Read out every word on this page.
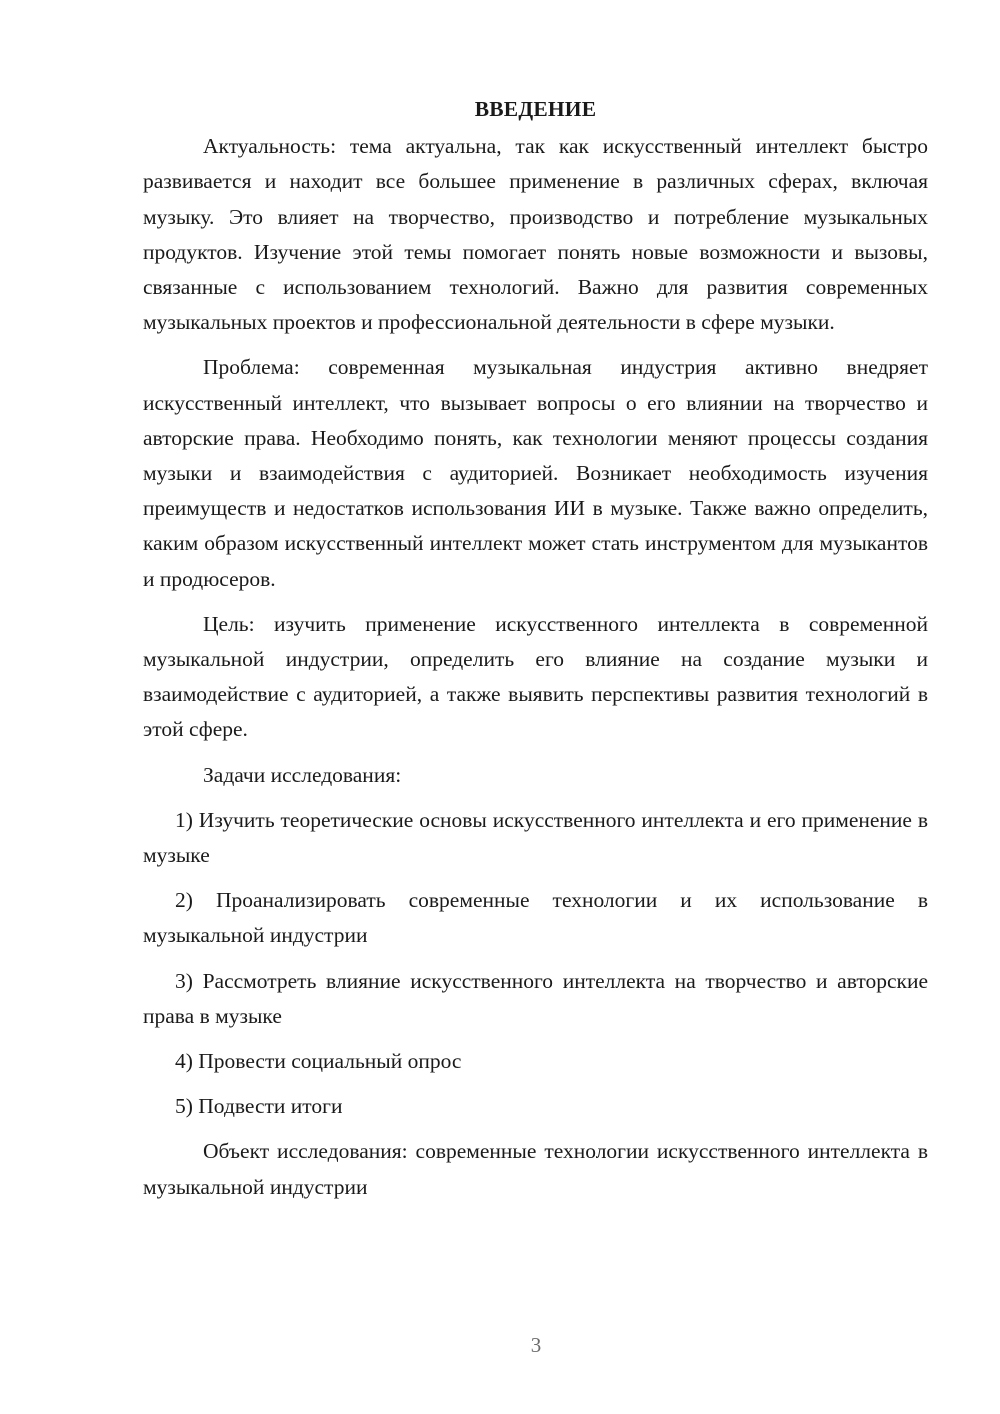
ВВЕДЕНИЕ

Актуальность: тема актуальна, так как искусственный интеллект быстро развивается и находит все большее применение в различных сферах, включая музыку. Это влияет на творчество, производство и потребление музыкальных продуктов. Изучение этой темы помогает понять новые возможности и вызовы, связанные с использованием технологий. Важно для развития современных музыкальных проектов и профессиональной деятельности в сфере музыки.

Проблема: современная музыкальная индустрия активно внедряет искусственный интеллект, что вызывает вопросы о его влиянии на творчество и авторские права. Необходимо понять, как технологии меняют процессы создания музыки и взаимодействия с аудиторией. Возникает необходимость изучения преимуществ и недостатков использования ИИ в музыке. Также важно определить, каким образом искусственный интеллект может стать инструментом для музыкантов и продюсеров.

Цель: изучить применение искусственного интеллекта в современной музыкальной индустрии, определить его влияние на создание музыки и взаимодействие с аудиторией, а также выявить перспективы развития технологий в этой сфере.

Задачи исследования:

1) Изучить теоретические основы искусственного интеллекта и его применение в музыке

2) Проанализировать современные технологии и их использование в музыкальной индустрии

3) Рассмотреть влияние искусственного интеллекта на творчество и авторские права в музыке

4) Провести социальный опрос

5) Подвести итоги

Объект исследования: современные технологии искусственного интеллекта в музыкальной индустрии

3
